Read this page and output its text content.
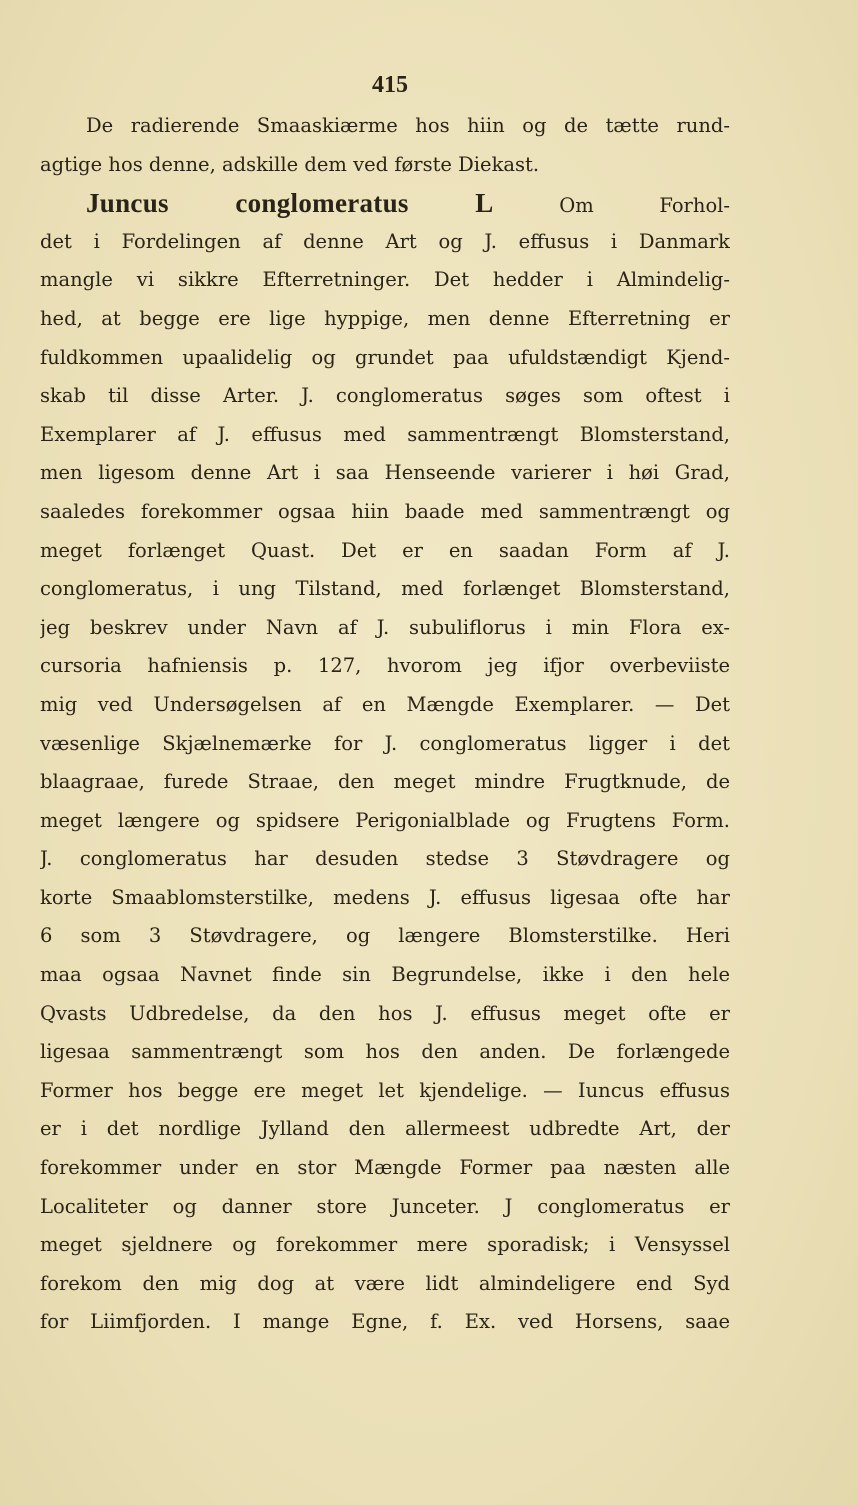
415
De radierende Smaaskiærme hos hiin og de tætte rund-
agtige hos denne, adskille dem ved første Diekast.
Juncus conglomeratus L	Om Forhol-
det i Fordelingen af denne Art og J. effusus i Danmark
mangle vi sikkre Efterretninger. Det hedder i Almindelig-
hed, at begge ere lige hyppige, men denne Efterretning er
fuldkommen upaalidelig og grundet paa ufuldstændigt Kjend-
skab til disse Arter. J. conglomeratus søges som oftest i
Exemplarer af J. effusus med sammentrængt Blomsterstand,
men ligesom denne Art i saa Henseende varierer i høi Grad,
saaledes forekommer ogsaa hiin baade med sammentrængt og
meget forlænget Quast. Det er en saadan Form af J.
conglomeratus, i ung Tilstand, med forlænget Blomsterstand,
jeg beskrev under Navn af J. subuliflorus i min Flora ex-
cursoria hafniensis p. 127, hvorom jeg ifjor overbeviiste
mig ved Undersøgelsen af en Mængde Exemplarer. — Det
væsenlige Skjælnemærke for J. conglomeratus ligger i det
blaagraae, furede Straae, den meget mindre Frugtknude, de
meget længere og spidsere Perigonialblade og Frugtens Form.
J. conglomeratus har desuden stedse 3 Støvdragere og
korte Smaablomsterstilke, medens J. effusus ligesaa ofte har
6 som 3 Støvdragere, og længere Blomsterstilke. Heri
maa ogsaa Navnet finde sin Begrundelse, ikke i den hele
Qvasts Udbredelse, da den hos J. effusus meget ofte er
ligesaa sammentrængt som hos den anden. De forlængede
Former hos begge ere meget let kjendelige. — Iuncus effusus
er i det nordlige Jylland den allermeest udbredte Art, der
forekommer under en stor Mængde Former paa næsten alle
Localiteter og danner store Junceter. J conglomeratus er
meget sjeldnere og forekommer mere sporadisk; i Vensyssel
forekom den mig dog at være lidt almindeligere end Syd
for Liimfjorden. I mange Egne, f. Ex. ved Horsens, saae
